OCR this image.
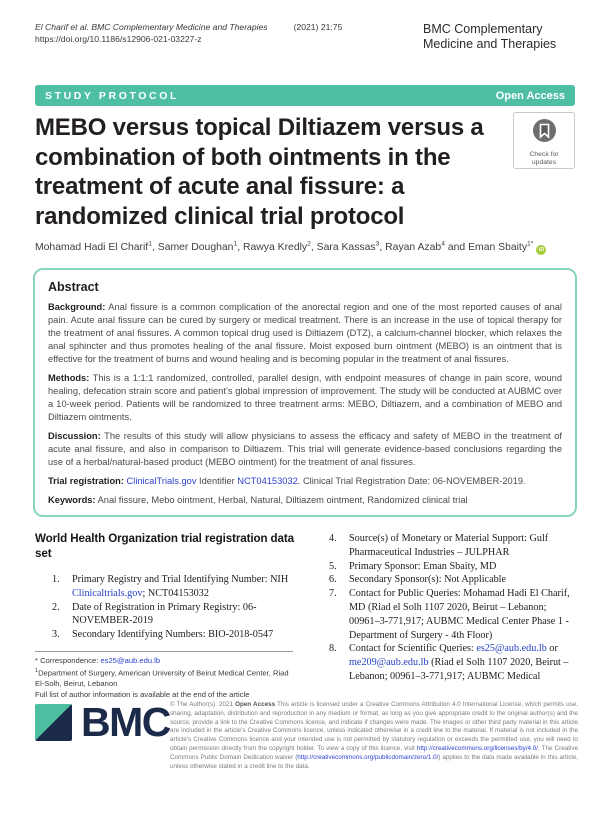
El Charif et al. BMC Complementary Medicine and Therapies	(2021) 21:75
https://doi.org/10.1186/s12906-021-03227-z
BMC Complementary Medicine and Therapies
STUDY PROTOCOL	Open Access
MEBO versus topical Diltiazem versus a combination of both ointments in the treatment of acute anal fissure: a randomized clinical trial protocol
Check for
updates
Mohamad Hadi El Charif$^1$, Samer Doughan$^1$, Rawya Kredly$^2$, Sara Kassas$^3$, Rayan Azab$^4$ and Eman Sbaity$^{1*}$iD
Abstract

Background: Anal fissure is a common complication of the anorectal region and one of the most reported causes of anal pain. Acute anal fissure can be cured by surgery or medical treatment. There is an increase in the use of topical therapy for the treatment of anal fissures. A common topical drug used is Diltiazem (DTZ), a calcium-channel blocker, which relaxes the anal sphincter and thus promotes healing of the anal fissure. Moist exposed burn ointment (MEBO) is an ointment that is effective for the treatment of burns and wound healing and is becoming popular in the treatment of anal fissures.

Methods: This is a 1:1:1 randomized, controlled, parallel design, with endpoint measures of change in pain score, wound healing, defecation strain score and patient’s global impression of improvement. The study will be conducted at AUBMC over a 10-week period. Patients will be randomized to three treatment arms: MEBO, Diltiazem, and a combination of MEBO and Diltiazem ointments.

Discussion: The results of this study will allow physicians to assess the efficacy and safety of MEBO in the treatment of acute anal fissure, and also in comparison to Diltiazem. This trial will generate evidence-based conclusions regarding the use of a herbal/natural-based product (MEBO ointment) for the treatment of anal fissures.

Trial registration: ClinicalTrials.gov Identifier NCT04153032. Clinical Trial Registration Date: 06-NOVEMBER-2019.

Keywords: Anal fissure, Mebo ointment, Herbal, Natural, Diltiazem ointment, Randomized clinical trial

World Health Organization trial registration data set
1.	Primary Registry and Trial Identifying Number: NIH Clinicaltrials.gov; NCT04153032
2.	Date of Registration in Primary Registry: 06-NOVEMBER-2019
3.	Secondary Identifying Numbers: BIO-2018-0547
4.	Source(s) of Monetary or Material Support: Gulf Pharmaceutical Industries – JULPHAR
5.	Primary Sponsor: Eman Sbaity, MD
6.	Secondary Sponsor(s): Not Applicable
7.	Contact for Public Queries: Mohamad Hadi El Charif, MD (Riad el Solh 1107 2020, Beirut – Lebanon; 00961–3-771,917; AUBMC Medical Center Phase 1 - Department of Surgery - 4th Floor)
8.	Contact for Scientific Queries: es25@aub.edu.lb or me209@aub.edu.lb (Riad el Solh 1107 2020, Beirut – Lebanon; 00961–3-771,917; AUBMC Medical
* Correspondence: es25@aub.edu.lb
$^1$Department of Surgery, American University of Beirut Medical Center, Riad El-Solh, Beirut, Lebanon
Full list of author information is available at the end of the article
BMC © The Author(s). 2021 Open Access This article is licensed under a Creative Commons Attribution 4.0 International License, which permits use, sharing, adaptation, distribution and reproduction in any medium or format, as long as you give appropriate credit to the original author(s) and the source, provide a link to the Creative Commons licence, and indicate if changes were made. The images or other third party material in this article are included in the article's Creative Commons licence, unless indicated otherwise in a credit line to the material. If material is not included in the article's Creative Commons licence and your intended use is not permitted by statutory regulation or exceeds the permitted use, you will need to obtain permission directly from the copyright holder. To view a copy of this licence, visit http://creativecommons.org/licenses/by/4.0/. The Creative Commons Public Domain Dedication waiver (http://creativecommons.org/publicdomain/zero/1.0/) applies to the data made available in this article, unless otherwise stated in a credit line to the data.
